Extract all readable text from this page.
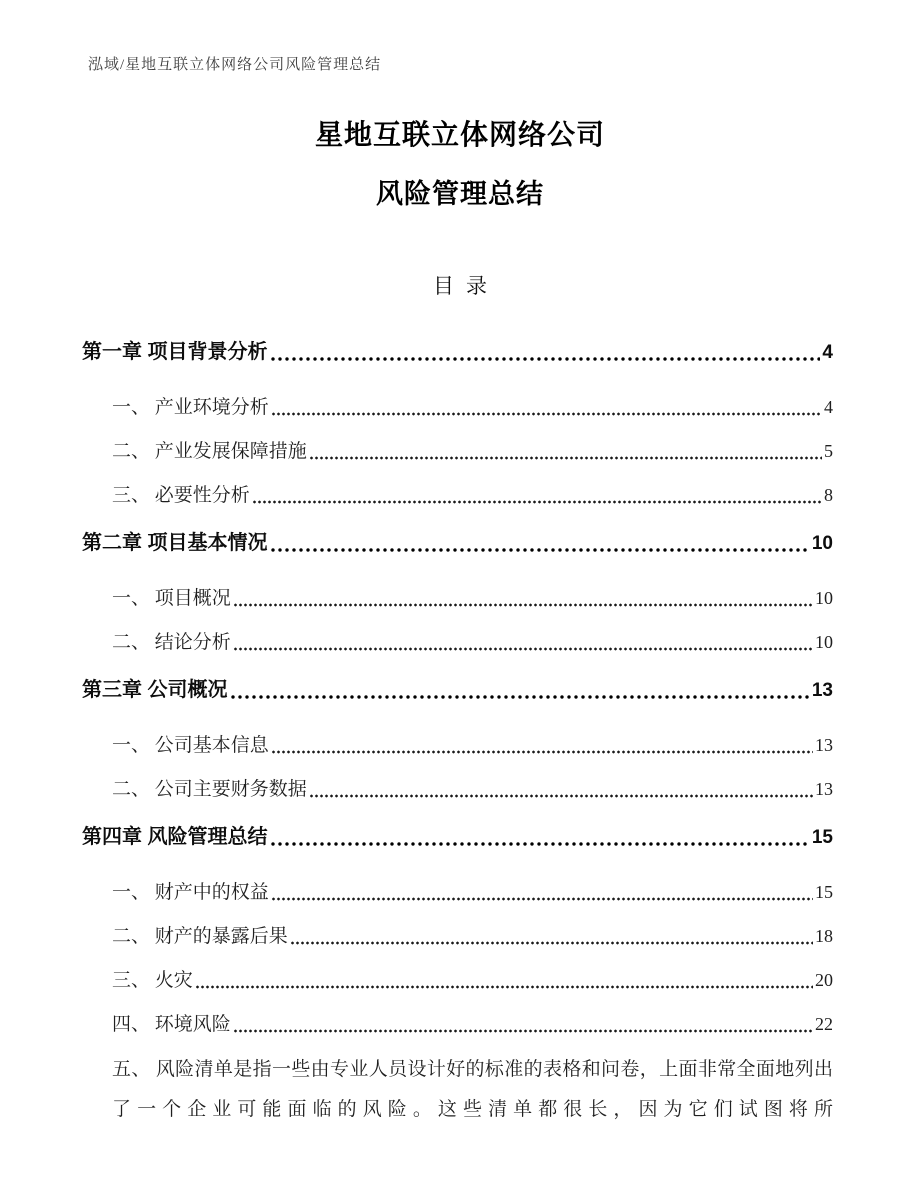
泓域/星地互联立体网络公司风险管理总结
星地互联立体网络公司
风险管理总结
目录
第一章 项目背景分析	4
一、 产业环境分析	4
二、 产业发展保障措施	5
三、 必要性分析	8
第二章 项目基本情况	10
一、 项目概况	10
二、 结论分析	10
第三章 公司概况	13
一、 公司基本信息	13
二、 公司主要财务数据	13
第四章 风险管理总结	15
一、 财产中的权益	15
二、 财产的暴露后果	18
三、 火灾	20
四、 环境风险	22
五、 风险清单是指一些由专业人员设计好的标准的表格和问卷，上面非常全面地列出了一个企业可能面临的风险。这些清单都很长，因为它们试图将所
